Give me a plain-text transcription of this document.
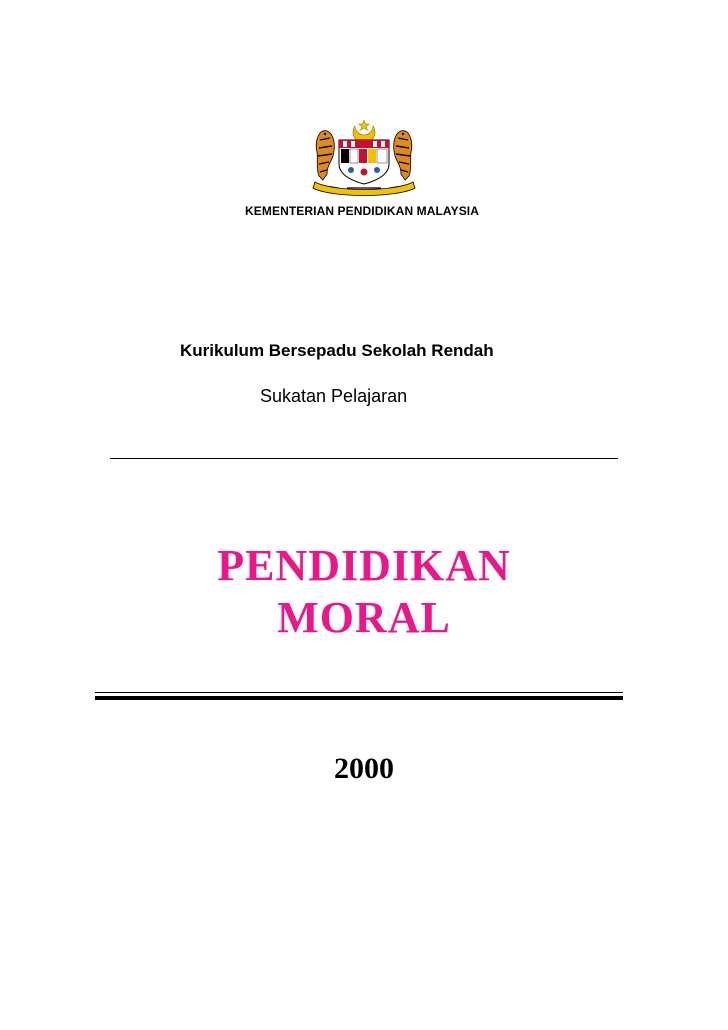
KEMENTERIAN PENDIDIKAN MALAYSIA
Kurikulum Bersepadu Sekolah Rendah
Sukatan Pelajaran
PENDIDIKAN
MORAL
2000
